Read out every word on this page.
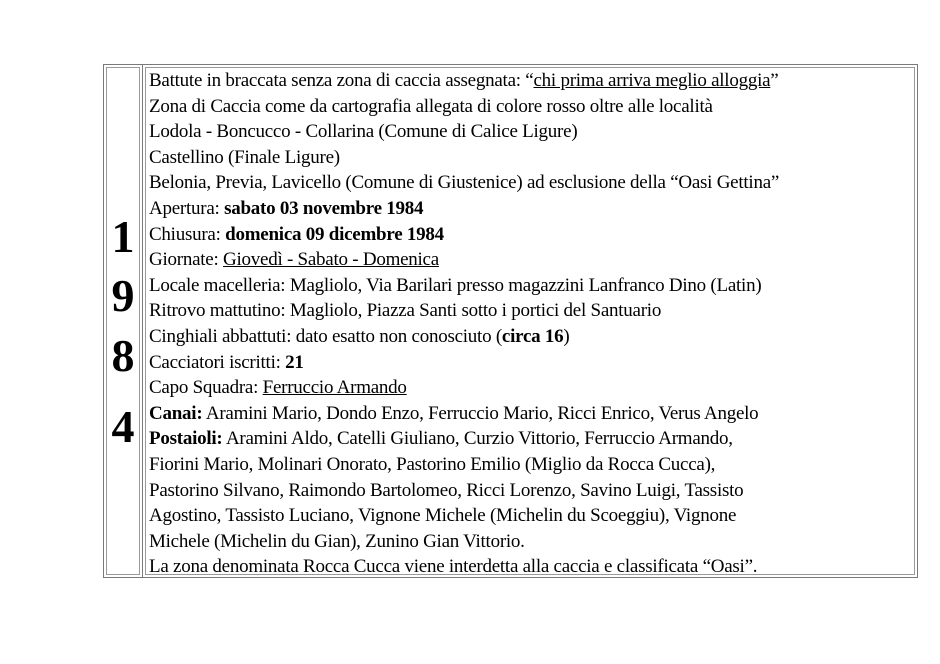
1
9
8
4
Battute in braccata senza zona di caccia assegnata: “chi prima arriva meglio alloggia”
Zona di Caccia come da cartografia allegata di colore rosso oltre alle località
Lodola - Boncucco - Collarina (Comune di Calice Ligure)
Castellino (Finale Ligure)
Belonia, Previa, Lavicello (Comune di Giustenice) ad esclusione della “Oasi Gettina”
Apertura: sabato 03 novembre 1984
Chiusura: domenica 09 dicembre 1984
Giornate: Giovedì - Sabato - Domenica
Locale macelleria: Magliolo, Via Barilari presso magazzini Lanfranco Dino (Latin)
Ritrovo mattutino: Magliolo, Piazza Santi sotto i portici del Santuario
Cinghiali abbattuti: dato esatto non conosciuto (circa 16)
Cacciatori iscritti: 21
Capo Squadra: Ferruccio Armando
Canai: Aramini Mario, Dondo Enzo, Ferruccio Mario, Ricci Enrico, Verus Angelo
Postaioli: Aramini Aldo, Catelli Giuliano, Curzio Vittorio, Ferruccio Armando,
Fiorini Mario, Molinari Onorato, Pastorino Emilio (Miglio da Rocca Cucca),
Pastorino Silvano, Raimondo Bartolomeo, Ricci Lorenzo, Savino Luigi, Tassisto
Agostino, Tassisto Luciano, Vignone Michele (Michelin du Scoeggiu), Vignone
Michele (Michelin du Gian), Zunino Gian Vittorio.
La zona denominata Rocca Cucca viene interdetta alla caccia e classificata “Oasi”.
